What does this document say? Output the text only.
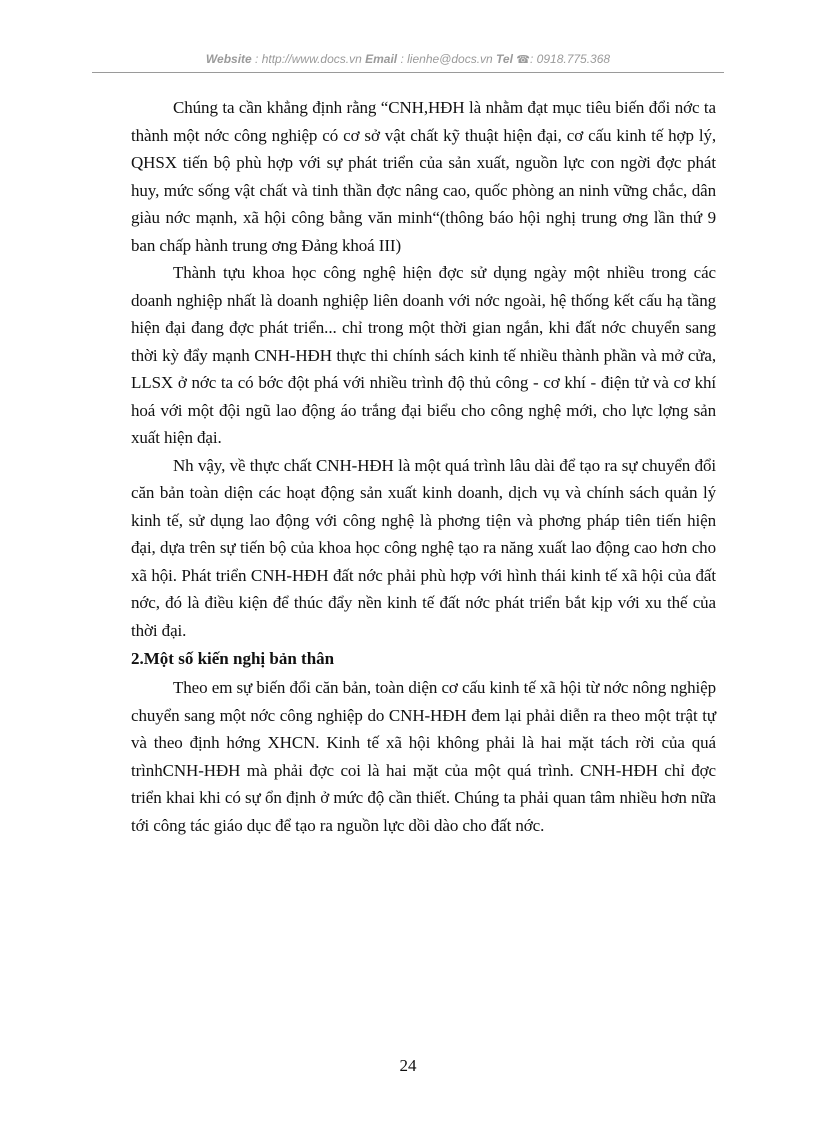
Website : http://www.docs.vn Email : lienhe@docs.vn Tel ☎: 0918.775.368

Chúng ta cần khẳng định rằng “CNH,HĐH là nhằm đạt mục tiêu biến đổi nớc ta thành một nớc công nghiệp có cơ sở vật chất kỹ thuật hiện đại, cơ cấu kinh tế hợp lý, QHSX tiến bộ phù hợp với sự phát triển của sản xuất, nguồn lực con ngời đợc phát huy, mức sống vật chất và tinh thần đợc nâng cao, quốc phòng an ninh vững chắc, dân giàu nớc mạnh, xã hội công bằng văn minh“(thông báo hội nghị trung ơng lần thứ 9 ban chấp hành trung ơng Đảng khoá III)

Thành tựu khoa học công nghệ hiện đợc sử dụng ngày một nhiều trong các doanh nghiệp nhất là doanh nghiệp liên doanh với nớc ngoài, hệ thống kết cấu hạ tầng hiện đại đang đợc phát triển... chỉ trong một thời gian ngắn, khi đất nớc chuyển sang thời kỳ đẩy mạnh CNH-HĐH thực thi chính sách kinh tế nhiều thành phần và mở cửa, LLSX ở nớc ta có bớc đột phá với nhiều trình độ thủ công - cơ khí - điện tử và cơ khí hoá với một đội ngũ lao động áo trắng đại biểu cho công nghệ mới, cho lực lợng sản xuất hiện đại.

Nh vậy, về thực chất CNH-HĐH là một quá trình lâu dài để tạo ra sự chuyển đổi căn bản toàn diện các hoạt động sản xuất kinh doanh, dịch vụ và chính sách quản lý kinh tế, sử dụng lao động với công nghệ là phơng tiện và phơng pháp tiên tiến hiện đại, dựa trên sự tiến bộ của khoa học công nghệ tạo ra năng xuất lao động cao hơn cho xã hội. Phát triển CNH-HĐH đất nớc phải phù hợp với hình thái kinh tế xã hội của đất nớc, đó là điều kiện để thúc đẩy nền kinh tế đất nớc phát triển bắt kịp với xu thế của thời đại.

2.Một số kiến nghị bản thân

Theo em sự biến đổi căn bản, toàn diện cơ cấu kinh tế xã hội từ nớc nông nghiệp chuyển sang một nớc công nghiệp do CNH-HĐH đem lại phải diễn ra theo một trật tự và theo định hớng XHCN. Kinh tế xã hội không phải là hai mặt tách rời của quá trìnhCNH-HĐH mà phải đợc coi là hai mặt của một quá trình. CNH-HĐH chỉ đợc triển khai khi có sự ổn định ở mức độ cần thiết. Chúng ta phải quan tâm nhiều hơn nữa tới công tác giáo dục để tạo ra nguồn lực dồi dào cho đất nớc.

24
